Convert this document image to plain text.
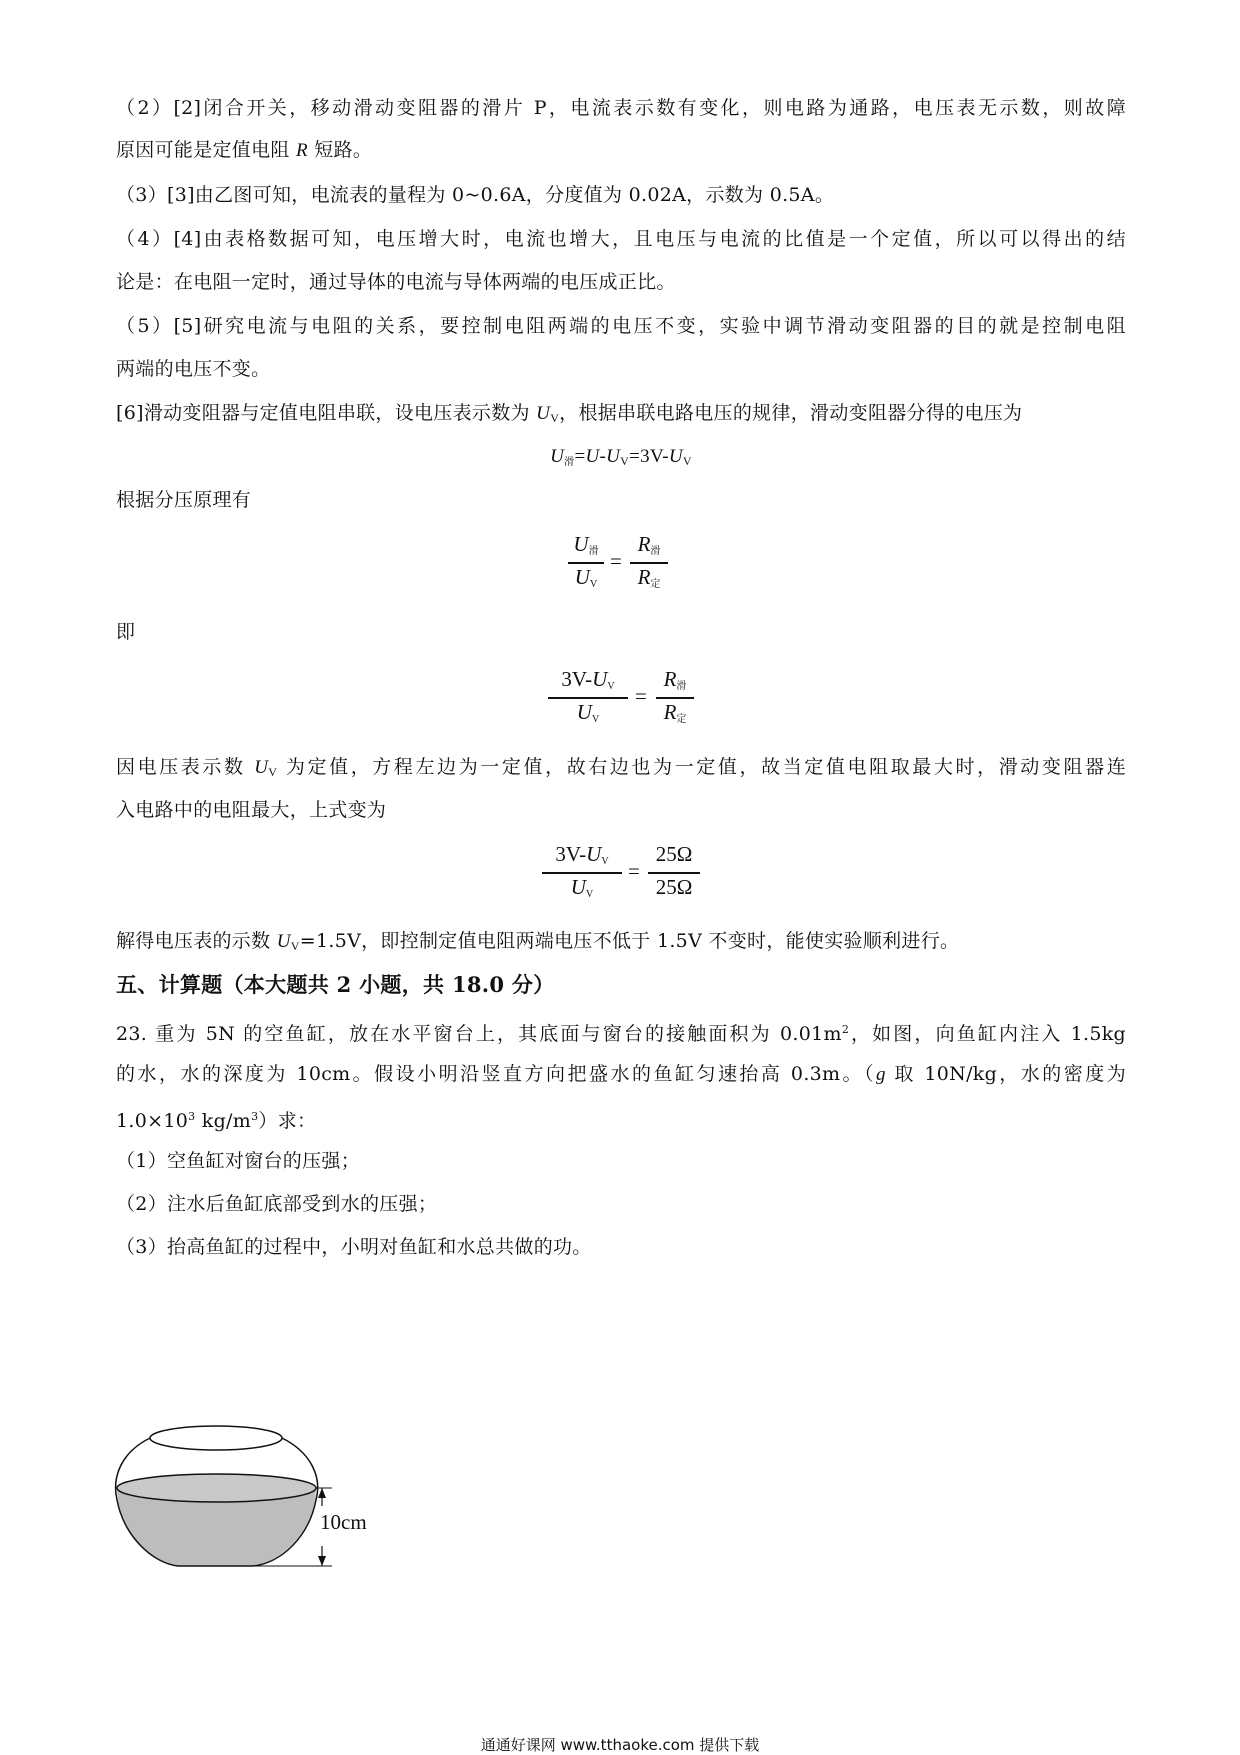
（2）[2]闭合开关，移动滑动变阻器的滑片 P，电流表示数有变化，则电路为通路，电压表无示数，则故障
原因可能是定值电阻 R 短路。
（3）[3]由乙图可知，电流表的量程为 0~0.6A，分度值为 0.02A，示数为 0.5A。
（4）[4]由表格数据可知，电压增大时，电流也增大，且电压与电流的比值是一个定值，所以可以得出的结
论是：在电阻一定时，通过导体的电流与导体两端的电压成正比。
（5）[5]研究电流与电阻的关系，要控制电阻两端的电压不变，实验中调节滑动变阻器的目的就是控制电阻
两端的电压不变。
[6]滑动变阻器与定值电阻串联，设电压表示数为 $U_V$，根据串联电路电压的规律，滑动变阻器分得的电压为
$U_滑=U-U_V=3V-U_V$
根据分压原理有
$U_滑$
$U_V$
=
$R_滑$
$R_定$
即
$3V-U_V$
$U_V$
=
$R_滑$
$R_定$
因电压表示数 $U_V$ 为定值，方程左边为一定值，故右边也为一定值，故当定值电阻取最大时，滑动变阻器连
入电路中的电阻最大，上式变为
$3V-U_V$
$U_V$
=
25Ω
25Ω
解得电压表的示数 $U_V=1.5V$，即控制定值电阻两端电压不低于 1.5V 不变时，能使实验顺利进行。
五、计算题（本大题共 2 小题，共 18.0 分）
23. 重为 5N 的空鱼缸，放在水平窗台上，其底面与窗台的接触面积为 $0.01m^2$，如图，向鱼缸内注入 1.5kg
的水，水的深度为 10cm。假设小明沿竖直方向把盛水的鱼缸匀速抬高 0.3m。（g 取 10N/kg，水的密度为
$1.0\times 10^3$ $kg/m^3$）求：
（1）空鱼缸对窗台的压强；
（2）注水后鱼缸底部受到水的压强；
（3）抬高鱼缸的过程中，小明对鱼缸和水总共做的功。
10cm
通通好课网 www.tthaoke.com 提供下载
